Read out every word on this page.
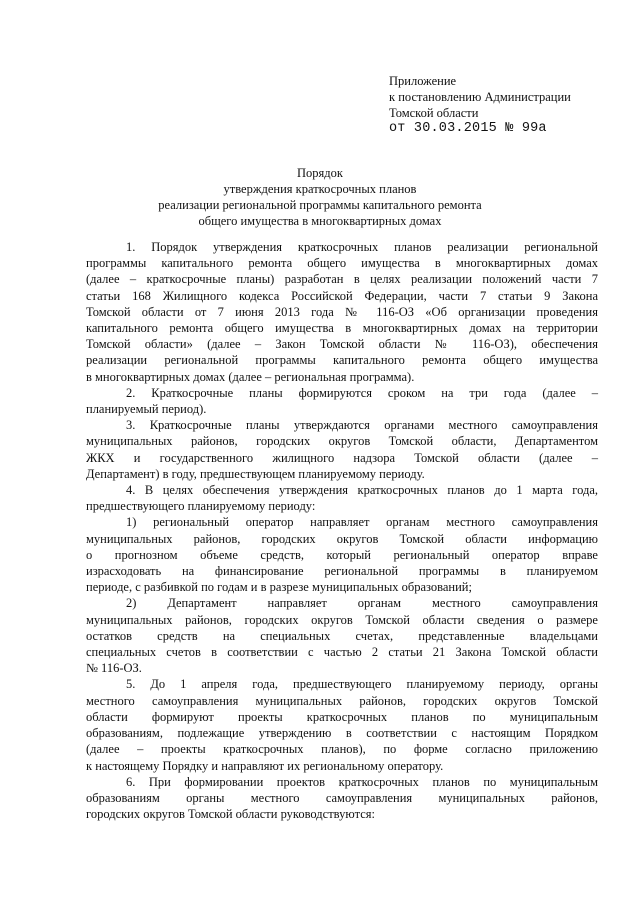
Приложение
к постановлению Администрации
Томской области
от 30.03.2015 № 99а
Порядок
утверждения краткосрочных планов
реализации региональной программы капитального ремонта
общего имущества в многоквартирных домах
1. Порядок утверждения краткосрочных планов реализации региональной
программы капитального ремонта общего имущества в многоквартирных домах
(далее – краткосрочные планы) разработан в целях реализации положений части 7
статьи 168 Жилищного кодекса Российской Федерации, части 7 статьи 9 Закона
Томской области от 7 июня 2013 года № 116-ОЗ «Об организации проведения
капитального ремонта общего имущества в многоквартирных домах на территории
Томской области» (далее – Закон Томской области № 116-ОЗ), обеспечения
реализации региональной программы капитального ремонта общего имущества
в многоквартирных домах (далее – региональная программа).
2. Краткосрочные планы формируются сроком на три года (далее –
планируемый период).
3. Краткосрочные планы утверждаются органами местного самоуправления
муниципальных районов, городских округов Томской области, Департаментом
ЖКХ и государственного жилищного надзора Томской области (далее –
Департамент) в году, предшествующем планируемому периоду.
4. В целях обеспечения утверждения краткосрочных планов до 1 марта года,
предшествующего планируемому периоду:
1) региональный оператор направляет органам местного самоуправления
муниципальных районов, городских округов Томской области информацию
о прогнозном объеме средств, который региональный оператор вправе
израсходовать на финансирование региональной программы в планируемом
периоде, с разбивкой по годам и в разрезе муниципальных образований;
2) Департамент направляет органам местного самоуправления
муниципальных районов, городских округов Томской области сведения о размере
остатков средств на специальных счетах, представленные владельцами
специальных счетов в соответствии с частью 2 статьи 21 Закона Томской области
№ 116-ОЗ.
5. До 1 апреля года, предшествующего планируемому периоду, органы
местного самоуправления муниципальных районов, городских округов Томской
области формируют проекты краткосрочных планов по муниципальным
образованиям, подлежащие утверждению в соответствии с настоящим Порядком
(далее – проекты краткосрочных планов), по форме согласно приложению
к настоящему Порядку и направляют их региональному оператору.
6. При формировании проектов краткосрочных планов по муниципальным
образованиям органы местного самоуправления муниципальных районов,
городских округов Томской области руководствуются:
